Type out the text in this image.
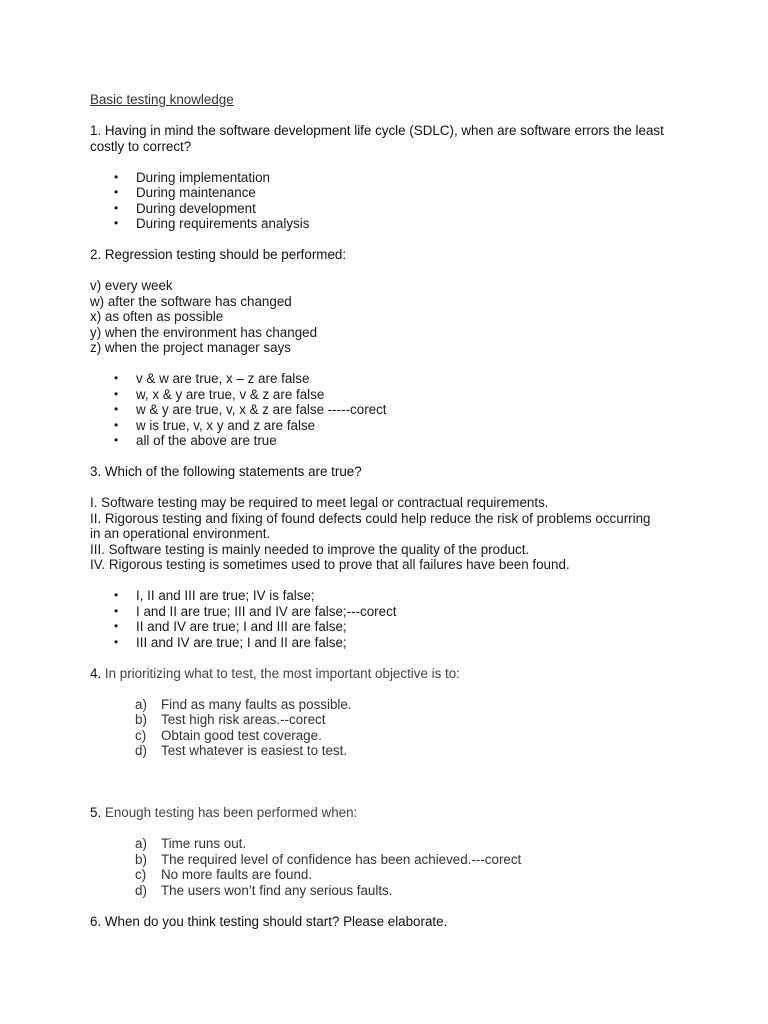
Basic testing knowledge
1. Having in mind the software development life cycle (SDLC), when are software errors the least
costly to correct?
• During implementation
• During maintenance
• During development
• During requirements analysis
2. Regression testing should be performed:
v) every week
w) after the software has changed
x) as often as possible
y) when the environment has changed
z) when the project manager says
• v & w are true, x – z are false
• w, x & y are true, v & z are false
• w & y are true, v, x & z are false -----corect
• w is true, v, x y and z are false
• all of the above are true
3. Which of the following statements are true?
I. Software testing may be required to meet legal or contractual requirements.
II. Rigorous testing and fixing of found defects could help reduce the risk of problems occurring
in an operational environment.
III. Software testing is mainly needed to improve the quality of the product.
IV. Rigorous testing is sometimes used to prove that all failures have been found.
• I, II and III are true; IV is false;
• I and II are true; III and IV are false;---corect
• II and IV are true; I and III are false;
• III and IV are true; I and II are false;
4. In prioritizing what to test, the most important objective is to:
a) Find as many faults as possible.
b) Test high risk areas.--corect
c) Obtain good test coverage.
d) Test whatever is easiest to test.
5. Enough testing has been performed when:
a) Time runs out.
b) The required level of confidence has been achieved.---corect
c) No more faults are found.
d) The users won’t find any serious faults.
6. When do you think testing should start? Please elaborate.
